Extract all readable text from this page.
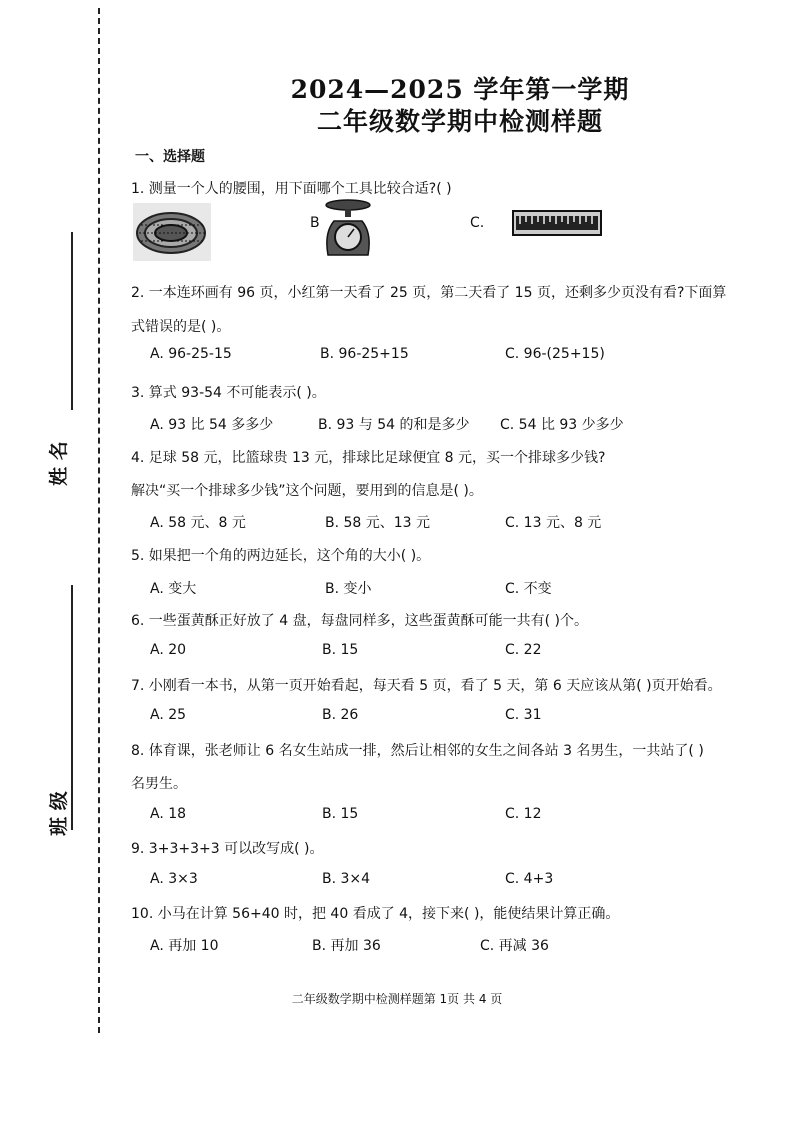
姓 名
班 级
2024—2025 学年第一学期
二年级数学期中检测样题
一、选择题
1. 测量一个人的腰围，用下面哪个工具比较合适?( )
B	C.
2. 一本连环画有 96 页，小红第一天看了 25 页，第二天看了 15 页，还剩多少页没有看?下面算
式错误的是( )。
A. 96-25-15	B. 96-25+15	C. 96-(25+15)
3. 算式 93-54 不可能表示( )。
A. 93 比 54 多多少	B. 93 与 54 的和是多少 C. 54 比 93 少多少
4. 足球 58 元，比篮球贵 13 元，排球比足球便宜 8 元，买一个排球多少钱?
解决“买一个排球多少钱”这个问题，要用到的信息是( )。
A. 58 元、8 元	B. 58 元、13 元	C. 13 元、8 元
5. 如果把一个角的两边延长，这个角的大小( )。
A. 变大	B. 变小	C. 不变
6. 一些蛋黄酥正好放了 4 盘，每盘同样多，这些蛋黄酥可能一共有( )个。
A. 20	B. 15	C. 22
7. 小刚看一本书，从第一页开始看起，每天看 5 页，看了 5 天，第 6 天应该从第( )页开始看。
A. 25	B. 26	C. 31
8. 体育课，张老师让 6 名女生站成一排，然后让相邻的女生之间各站 3 名男生，一共站了( )
名男生。
A. 18	B. 15	C. 12
9. 3+3+3+3 可以改写成( )。
A. 3×3	B. 3×4	C. 4+3
10. 小马在计算 56+40 时，把 40 看成了 4，接下来( )，能使结果计算正确。
A. 再加 10	B. 再加 36	C. 再减 36
二年级数学期中检测样题第 1页 共 4 页
